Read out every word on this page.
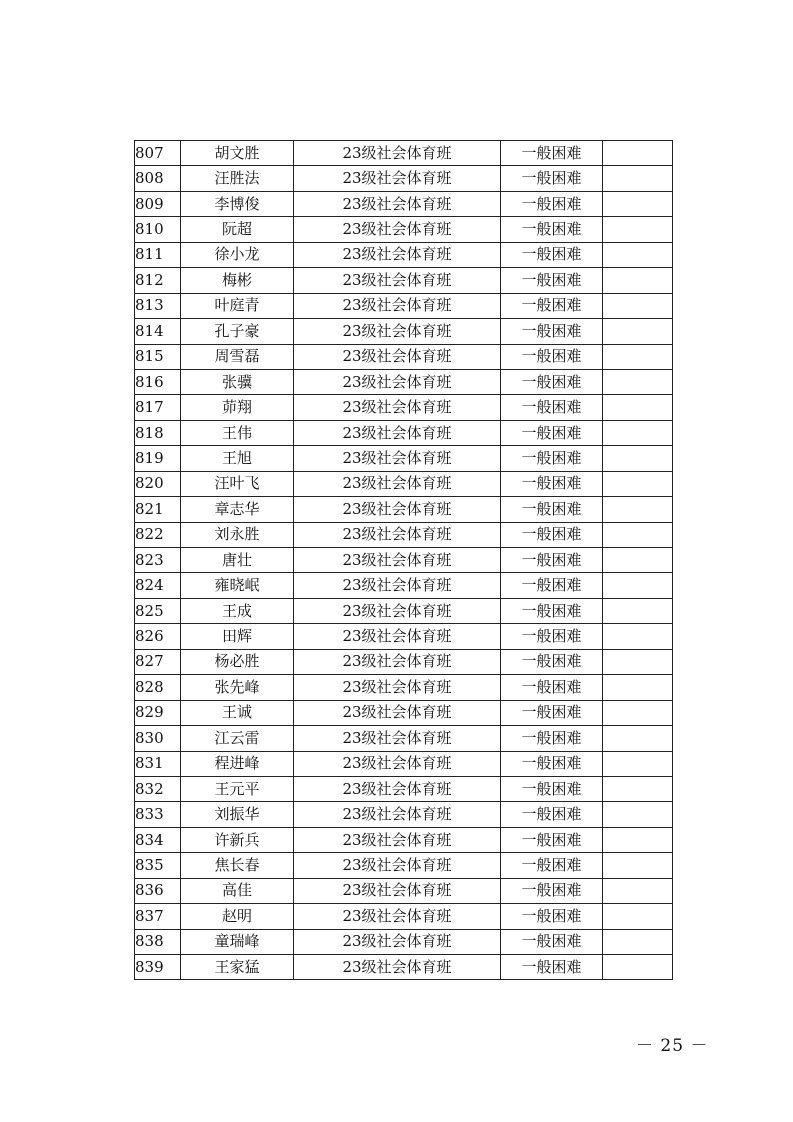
807	胡文胜	23级社会体育班	一般困难	
808	汪胜法	23级社会体育班	一般困难	
809	李博俊	23级社会体育班	一般困难	
810	阮超	23级社会体育班	一般困难	
811	徐小龙	23级社会体育班	一般困难	
812	梅彬	23级社会体育班	一般困难	
813	叶庭青	23级社会体育班	一般困难	
814	孔子豪	23级社会体育班	一般困难	
815	周雪磊	23级社会体育班	一般困难	
816	张骥	23级社会体育班	一般困难	
817	茆翔	23级社会体育班	一般困难	
818	王伟	23级社会体育班	一般困难	
819	王旭	23级社会体育班	一般困难	
820	汪叶飞	23级社会体育班	一般困难	
821	章志华	23级社会体育班	一般困难	
822	刘永胜	23级社会体育班	一般困难	
823	唐壮	23级社会体育班	一般困难	
824	雍晓岷	23级社会体育班	一般困难	
825	王成	23级社会体育班	一般困难	
826	田辉	23级社会体育班	一般困难	
827	杨必胜	23级社会体育班	一般困难	
828	张先峰	23级社会体育班	一般困难	
829	王诚	23级社会体育班	一般困难	
830	江云雷	23级社会体育班	一般困难	
831	程进峰	23级社会体育班	一般困难	
832	王元平	23级社会体育班	一般困难	
833	刘振华	23级社会体育班	一般困难	
834	许新兵	23级社会体育班	一般困难	
835	焦长春	23级社会体育班	一般困难	
836	高佳	23级社会体育班	一般困难	
837	赵明	23级社会体育班	一般困难	
838	童瑞峰	23级社会体育班	一般困难	
839	王家猛	23级社会体育班	一般困难	
－ 25 －
